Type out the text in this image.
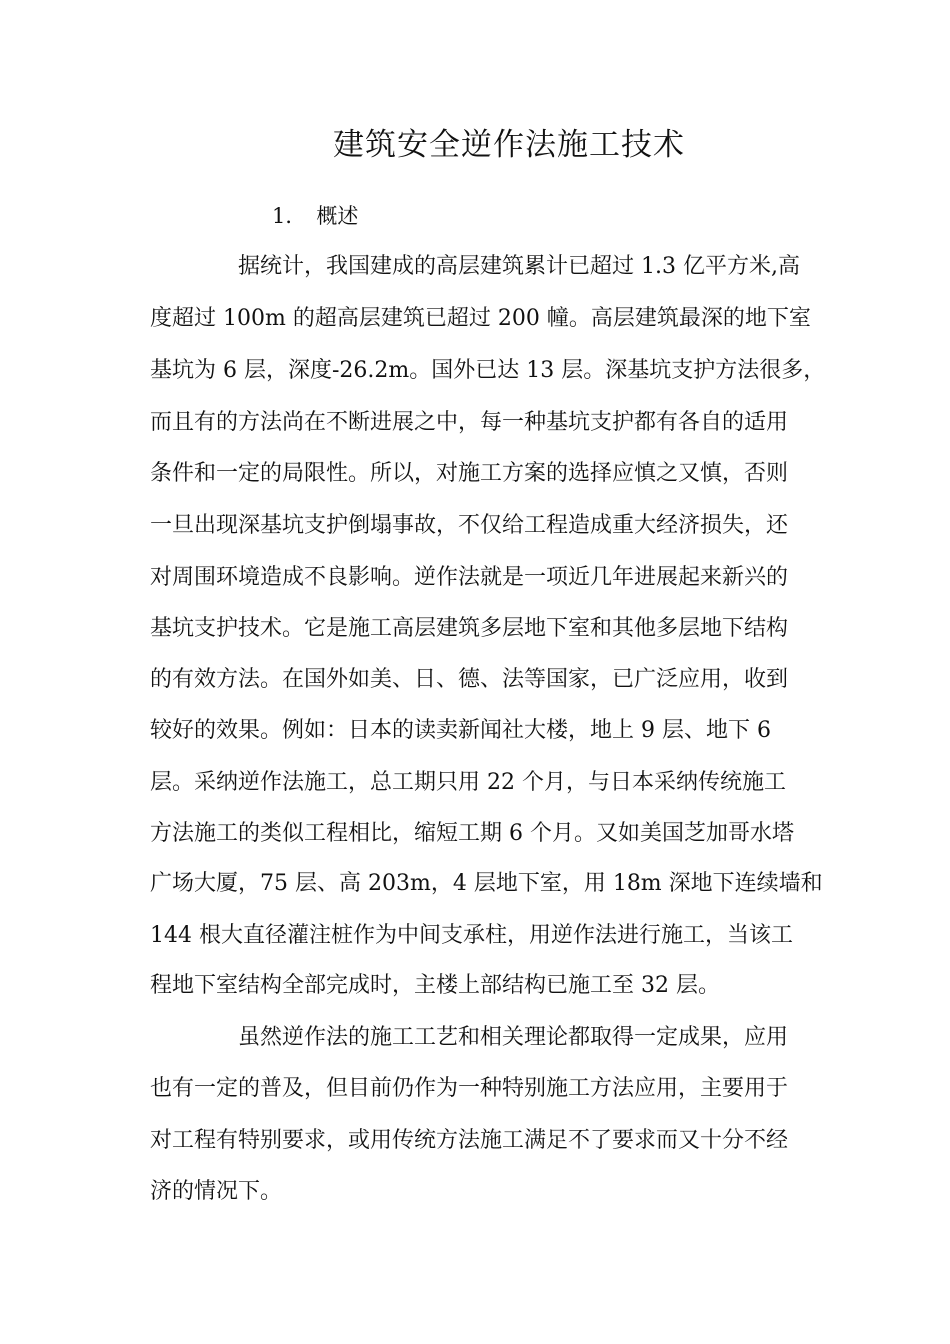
建筑安全逆作法施工技术

1． 概述

据统计，我国建成的高层建筑累计已超过 1.3 亿平方米,高

度超过 100m 的超高层建筑已超过 200 幢。高层建筑最深的地下室

基坑为 6 层，深度-26.2m。国外已达 13 层。深基坑支护方法很多，

而且有的方法尚在不断进展之中，每一种基坑支护都有各自的适用

条件和一定的局限性。所以，对施工方案的选择应慎之又慎，否则

一旦出现深基坑支护倒塌事故，不仅给工程造成重大经济损失，还

对周围环境造成不良影响。逆作法就是一项近几年进展起来新兴的

基坑支护技术。它是施工高层建筑多层地下室和其他多层地下结构

的有效方法。在国外如美、日、德、法等国家，已广泛应用，收到

较好的效果。例如：日本的读卖新闻社大楼，地上 9 层、地下 6

层。采纳逆作法施工，总工期只用 22 个月，与日本采纳传统施工

方法施工的类似工程相比，缩短工期 6 个月。又如美国芝加哥水塔

广场大厦，75 层、高 203m，4 层地下室，用 18m 深地下连续墙和

144 根大直径灌注桩作为中间支承柱，用逆作法进行施工，当该工

程地下室结构全部完成时，主楼上部结构已施工至 32 层。

虽然逆作法的施工工艺和相关理论都取得一定成果，应用

也有一定的普及，但目前仍作为一种特别施工方法应用，主要用于

对工程有特别要求，或用传统方法施工满足不了要求而又十分不经

济的情况下。
